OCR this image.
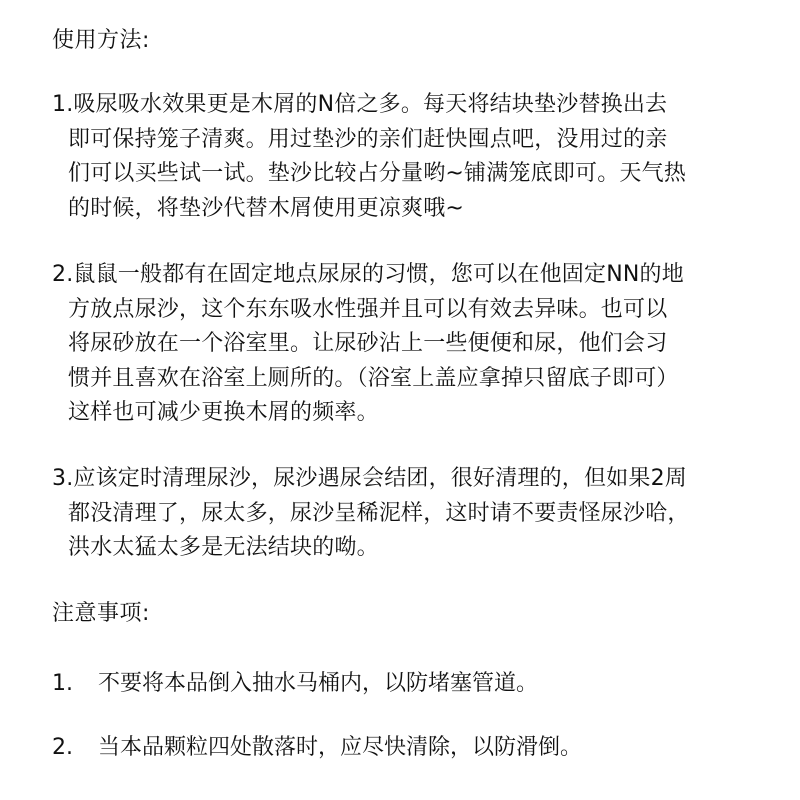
使用方法:
1.吸尿吸水效果更是木屑的N倍之多。每天将结块垫沙替换出去
即可保持笼子清爽。用过垫沙的亲们赶快囤点吧，没用过的亲
们可以买些试一试。垫沙比较占分量哟~铺满笼底即可。天气热
的时候，将垫沙代替木屑使用更凉爽哦~
2.鼠鼠一般都有在固定地点尿尿的习惯，您可以在他固定NN的地
方放点尿沙，这个东东吸水性强并且可以有效去异味。也可以
将尿砂放在一个浴室里。让尿砂沾上一些便便和尿，他们会习
惯并且喜欢在浴室上厕所的。（浴室上盖应拿掉只留底子即可）
这样也可减少更换木屑的频率。
3.应该定时清理尿沙，尿沙遇尿会结团，很好清理的，但如果2周
都没清理了，尿太多，尿沙呈稀泥样，这时请不要责怪尿沙哈，
洪水太猛太多是无法结块的呦。
注意事项:
1. 不要将本品倒入抽水马桶内，以防堵塞管道。
2. 当本品颗粒四处散落时，应尽快清除，以防滑倒。
